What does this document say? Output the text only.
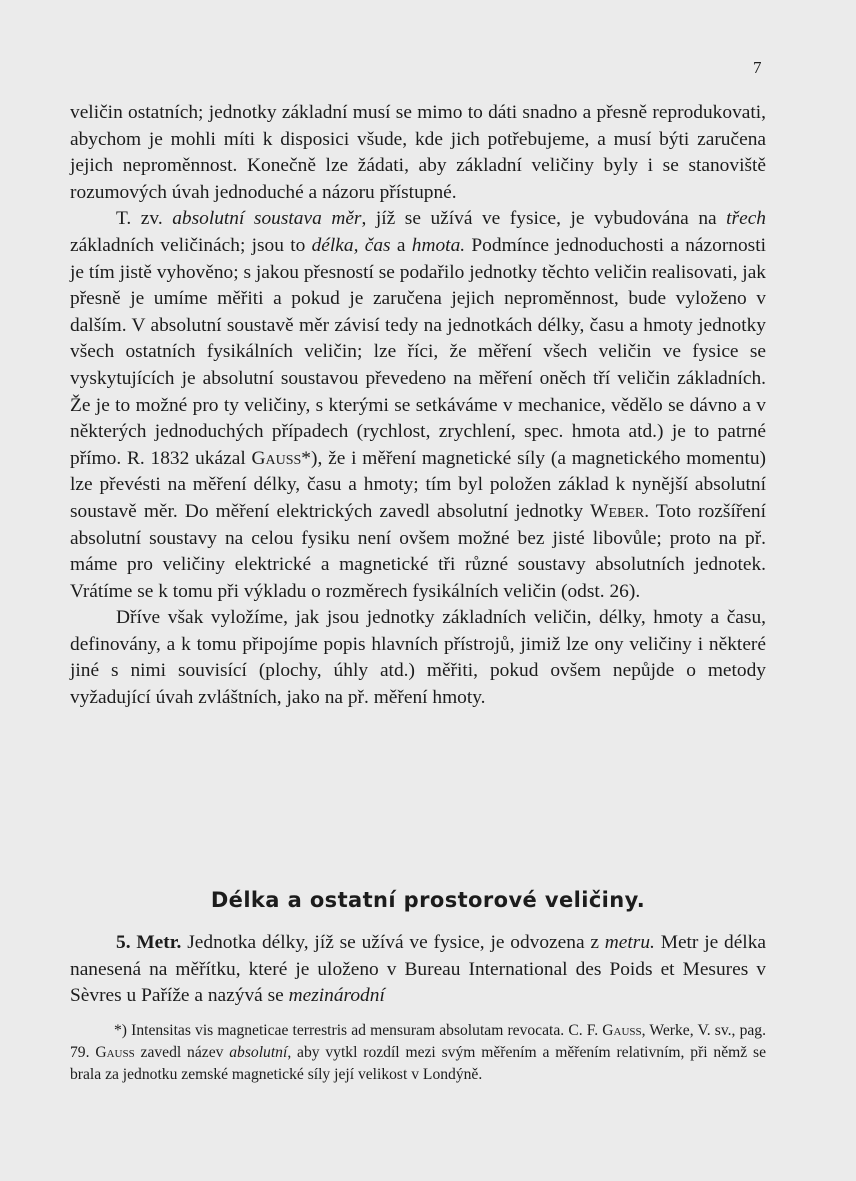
7

veličin ostatních; jednotky základní musí se mimo to dáti snadno a přesně reprodukovati, abychom je mohli míti k disposici všude, kde jich potřebujeme, a musí býti zaručena jejich neproměnnost. Konečně lze žádati, aby základní veličiny byly i se stanoviště rozumových úvah jednoduché a názoru přístupné.

T. zv. absolutní soustava měr, jíž se užívá ve fysice, je vybudována na třech základních veličinách; jsou to délka, čas a hmota. Podmínce jednoduchosti a názornosti je tím jistě vyhověno; s jakou přesností se podařilo jednotky těchto veličin realisovati, jak přesně je umíme měřiti a pokud je zaručena jejich neproměnnost, bude vyloženo v dalším. V absolutní soustavě měr závisí tedy na jednotkách délky, času a hmoty jednotky všech ostatních fysikálních veličin; lze říci, že měření všech veličin ve fysice se vyskytujících je absolutní soustavou převedeno na měření oněch tří veličin základních. Že je to možné pro ty veličiny, s kterými se setkáváme v mechanice, vědělo se dávno a v některých jednoduchých případech (rychlost, zrychlení, spec. hmota atd.) je to patrné přímo. R. 1832 ukázal Gauss*), že i měření magnetické síly (a magnetického momentu) lze převésti na měření délky, času a hmoty; tím byl položen základ k nynější absolutní soustavě měr. Do měření elektrických zavedl absolutní jednotky Weber. Toto rozšíření absolutní soustavy na celou fysiku není ovšem možné bez jisté libovůle; proto na př. máme pro veličiny elektrické a magnetické tři různé soustavy absolutních jednotek. Vrátíme se k tomu při výkladu o rozměrech fysikálních veličin (odst. 26).

Dříve však vyložíme, jak jsou jednotky základních veličin, délky, hmoty a času, definovány, a k tomu připojíme popis hlavních přístrojů, jimiž lze ony veličiny i některé jiné s nimi souvisící (plochy, úhly atd.) měřiti, pokud ovšem nepůjde o metody vyžadující úvah zvláštních, jako na př. měření hmoty.

Délka a ostatní prostorové veličiny.

5. Metr. Jednotka délky, jíž se užívá ve fysice, je odvozena z metru. Metr je délka nanesená na měřítku, které je uloženo v Bureau International des Poids et Mesures v Sèvres u Paříže a nazývá se mezinárodní

*) Intensitas vis magneticae terrestris ad mensuram absolutam revocata. C. F. Gauss, Werke, V. sv., pag. 79. Gauss zavedl název absolutní, aby vytkl rozdíl mezi svým měřením a měřením relativním, při němž se brala za jednotku zemské magnetické síly její velikost v Londýně.
